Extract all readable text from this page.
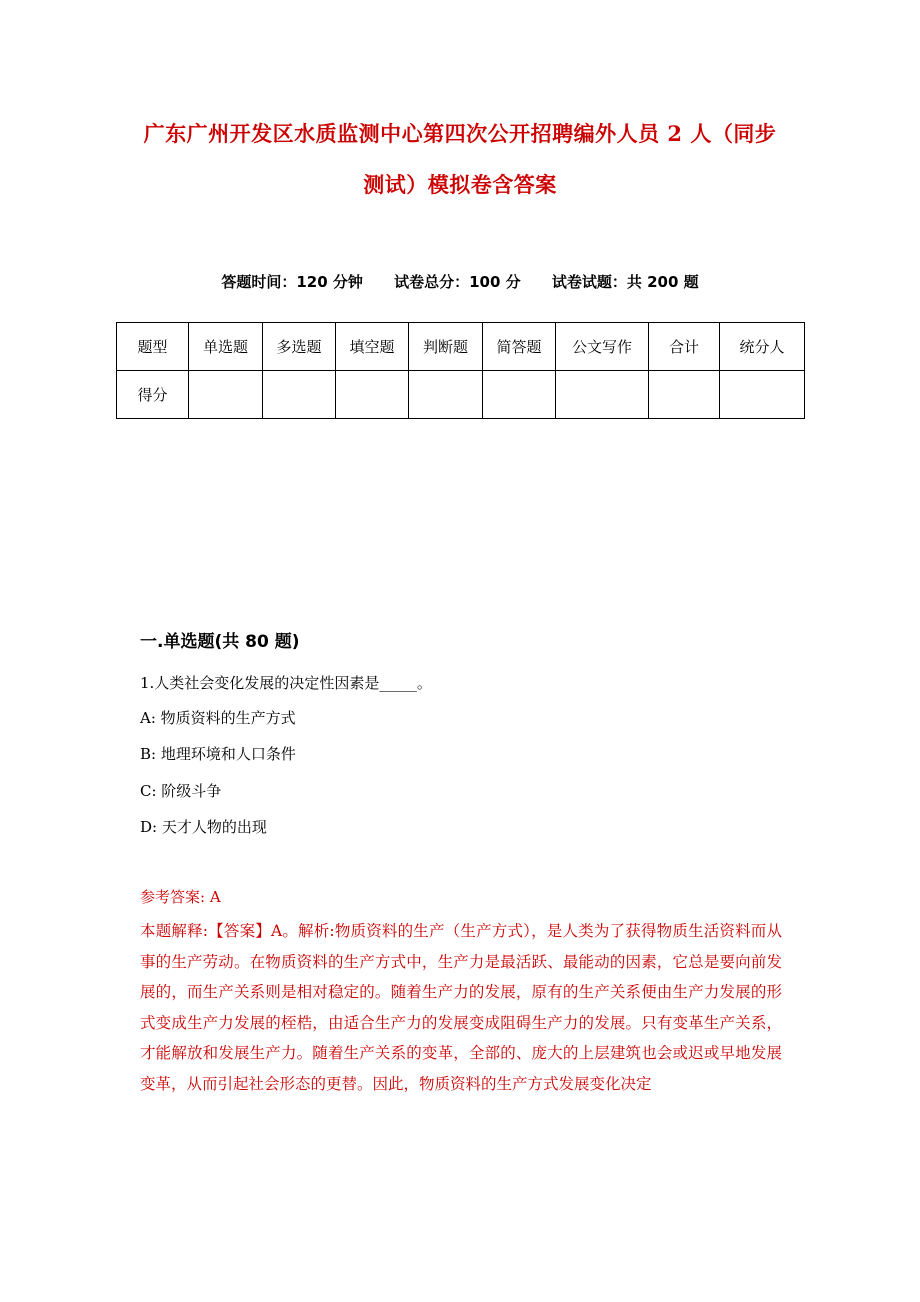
广东广州开发区水质监测中心第四次公开招聘编外人员 2 人（同步
测试）模拟卷含答案
答题时间：120 分钟 试卷总分：100 分 试卷试题：共 200 题
题型	单选题	多选题	填空题	判断题	简答题	公文写作	合计	统分人
得分								
一.单选题(共 80 题)
1.人类社会变化发展的决定性因素是_____。
A: 物质资料的生产方式
B: 地理环境和人口条件
C: 阶级斗争
D: 天才人物的出现
参考答案: A
本题解释:【答案】A。解析:物质资料的生产（生产方式），是人类为了获得物质生活资料而从事的生产劳动。在物质资料的生产方式中，生产力是最活跃、最能动的因素，它总是要向前发展的，而生产关系则是相对稳定的。随着生产力的发展，原有的生产关系便由生产力发展的形式变成生产力发展的桎梏，由适合生产力的发展变成阻碍生产力的发展。只有变革生产关系，才能解放和发展生产力。随着生产关系的变革，全部的、庞大的上层建筑也会或迟或早地发展变革，从而引起社会形态的更替。因此，物质资料的生产方式发展变化决定
